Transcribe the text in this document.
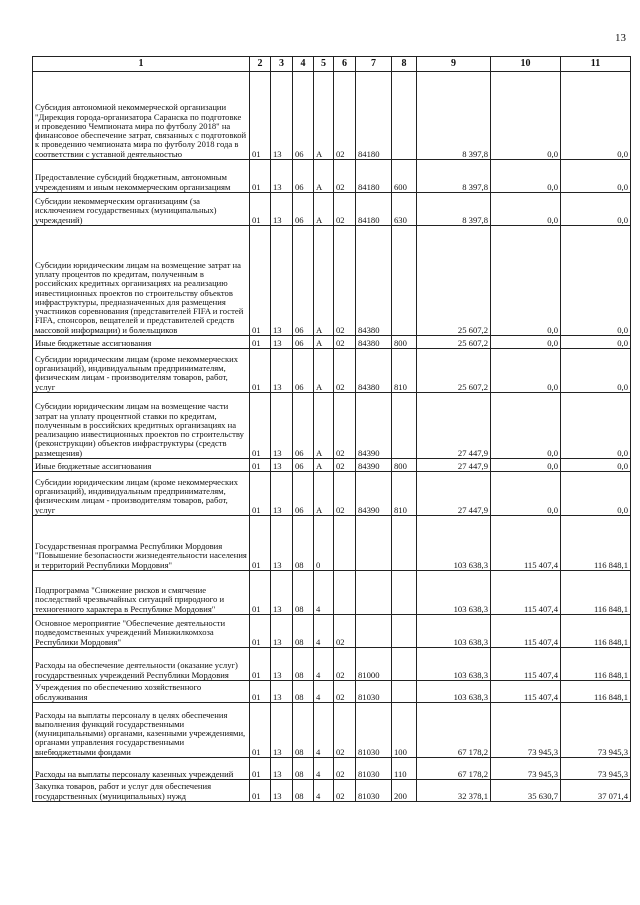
13
1	2	3	4	5	6	7	8	9	10	11
Субсидия автономной некоммерческой организации "Дирекция города-организатора Саранска по подготовке и проведению Чемпионата мира по футболу 2018" на финансовое обеспечение затрат, связанных с подготовкой к проведению чемпионата мира по футболу 2018 года в соответствии с уставной деятельностью	01	13	06	А	02	84180		8 397,8	0,0	0,0
Предоставление субсидий бюджетным, автономным учреждениям и иным некоммерческим организациям	01	13	06	А	02	84180	600	8 397,8	0,0	0,0
Субсидии некоммерческим организациям (за исключением государственных (муниципальных) учреждений)	01	13	06	А	02	84180	630	8 397,8	0,0	0,0
Субсидии юридическим лицам на возмещение затрат на уплату процентов по кредитам, полученным в российских кредитных организациях на реализацию инвестиционных проектов по строительству объектов инфраструктуры, предназначенных для размещения участников соревнования (представителей FIFA и гостей FIFA, спонсоров, вещателей и представителей средств массовой информации) и болельщиков	01	13	06	А	02	84380		25 607,2	0,0	0,0
Иные бюджетные ассигнования	01	13	06	А	02	84380	800	25 607,2	0,0	0,0
Субсидии юридическим лицам (кроме некоммерческих организаций), индивидуальным предпринимателям, физическим лицам - производителям товаров, работ, услуг	01	13	06	А	02	84380	810	25 607,2	0,0	0,0
Субсидии юридическим лицам на возмещение части затрат на уплату процентной ставки по кредитам, полученным в российских кредитных организациях на реализацию инвестиционных проектов по строительству (реконструкции) объектов инфраструктуры (средств размещения)	01	13	06	А	02	84390		27 447,9	0,0	0,0
Иные бюджетные ассигнования	01	13	06	А	02	84390	800	27 447,9	0,0	0,0
Субсидии юридическим лицам (кроме некоммерческих организаций), индивидуальным предпринимателям, физическим лицам - производителям товаров, работ, услуг	01	13	06	А	02	84390	810	27 447,9	0,0	0,0
Государственная программа Республики Мордовия "Повышение безопасности жизнедеятельности населения и территорий Республики Мордовия"	01	13	08	0				103 638,3	115 407,4	116 848,1
Подпрограмма "Снижение рисков и смягчение последствий чрезвычайных ситуаций природного и техногенного характера в Республике Мордовия"	01	13	08	4				103 638,3	115 407,4	116 848,1
Основное мероприятие "Обеспечение деятельности подведомственных учреждений Минжилкомхоза Республики Мордовия"	01	13	08	4	02			103 638,3	115 407,4	116 848,1
Расходы на обеспечение деятельности (оказание услуг) государственных учреждений Республики Мордовия	01	13	08	4	02	81000		103 638,3	115 407,4	116 848,1
Учреждения по обеспечению хозяйственного обслуживания	01	13	08	4	02	81030		103 638,3	115 407,4	116 848,1
Расходы на выплаты персоналу в целях обеспечения выполнения функций государственными (муниципальными) органами, казенными учреждениями, органами управления государственными внебюджетными фондами	01	13	08	4	02	81030	100	67 178,2	73 945,3	73 945,3
Расходы на выплаты персоналу казенных учреждений	01	13	08	4	02	81030	110	67 178,2	73 945,3	73 945,3
Закупка товаров, работ и услуг для обеспечения государственных (муниципальных) нужд	01	13	08	4	02	81030	200	32 378,1	35 630,7	37 071,4
